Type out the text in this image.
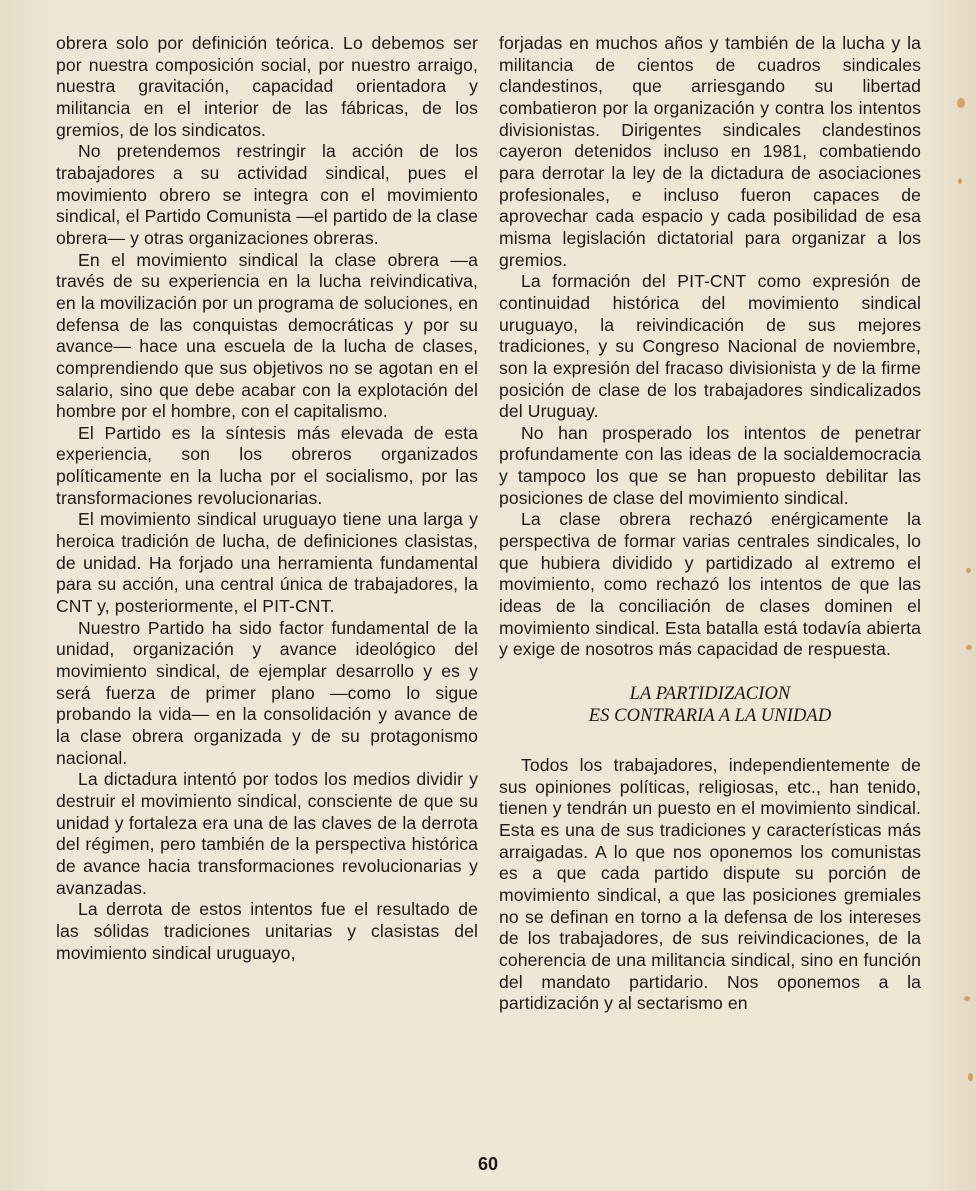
obrera solo por definición teórica. Lo debemos ser por nuestra composición social, por nuestro arraigo, nuestra gravitación, capacidad orientadora y militancia en el interior de las fábricas, de los gremios, de los sindicatos.

No pretendemos restringir la acción de los trabajadores a su actividad sindical, pues el movimiento obrero se integra con el movimiento sindical, el Partido Comunista —el partido de la clase obrera— y otras organizaciones obreras.

En el movimiento sindical la clase obrera —a través de su experiencia en la lucha reivindicativa, en la movilización por un programa de soluciones, en defensa de las conquistas democráticas y por su avance— hace una escuela de la lucha de clases, comprendiendo que sus objetivos no se agotan en el salario, sino que debe acabar con la explotación del hombre por el hombre, con el capitalismo.

El Partido es la síntesis más elevada de esta experiencia, son los obreros organizados políticamente en la lucha por el socialismo, por las transformaciones revolucionarias.

El movimiento sindical uruguayo tiene una larga y heroica tradición de lucha, de definiciones clasistas, de unidad. Ha forjado una herramienta fundamental para su acción, una central única de trabajadores, la CNT y, posteriormente, el PIT-CNT.

Nuestro Partido ha sido factor fundamental de la unidad, organización y avance ideológico del movimiento sindical, de ejemplar desarrollo y es y será fuerza de primer plano —como lo sigue probando la vida— en la consolidación y avance de la clase obrera organizada y de su protagonismo nacional.

La dictadura intentó por todos los medios dividir y destruir el movimiento sindical, consciente de que su unidad y fortaleza era una de las claves de la derrota del régimen, pero también de la perspectiva histórica de avance hacia transformaciones revolucionarias y avanzadas.

La derrota de estos intentos fue el resultado de las sólidas tradiciones unitarias y clasistas del movimiento sindical uruguayo,

forjadas en muchos años y también de la lucha y la militancia de cientos de cuadros sindicales clandestinos, que arriesgando su libertad combatieron por la organización y contra los intentos divisionistas. Dirigentes sindicales clandestinos cayeron detenidos incluso en 1981, combatiendo para derrotar la ley de la dictadura de asociaciones profesionales, e incluso fueron capaces de aprovechar cada espacio y cada posibilidad de esa misma legislación dictatorial para organizar a los gremios.

La formación del PIT-CNT como expresión de continuidad histórica del movimiento sindical uruguayo, la reivindicación de sus mejores tradiciones, y su Congreso Nacional de noviembre, son la expresión del fracaso divisionista y de la firme posición de clase de los trabajadores sindicalizados del Uruguay.

No han prosperado los intentos de penetrar profundamente con las ideas de la socialdemocracia y tampoco los que se han propuesto debilitar las posiciones de clase del movimiento sindical.

La clase obrera rechazó enérgicamente la perspectiva de formar varias centrales sindicales, lo que hubiera dividido y partidizado al extremo el movimiento, como rechazó los intentos de que las ideas de la conciliación de clases dominen el movimiento sindical. Esta batalla está todavía abierta y exige de nosotros más capacidad de respuesta.

LA PARTIDIZACION
ES CONTRARIA A LA UNIDAD

Todos los trabajadores, independientemente de sus opiniones políticas, religiosas, etc., han tenido, tienen y tendrán un puesto en el movimiento sindical. Esta es una de sus tradiciones y características más arraigadas. A lo que nos oponemos los comunistas es a que cada partido dispute su porción de movimiento sindical, a que las posiciones gremiales no se definan en torno a la defensa de los intereses de los trabajadores, de sus reivindicaciones, de la coherencia de una militancia sindical, sino en función del mandato partidario. Nos oponemos a la partidización y al sectarismo en

60
